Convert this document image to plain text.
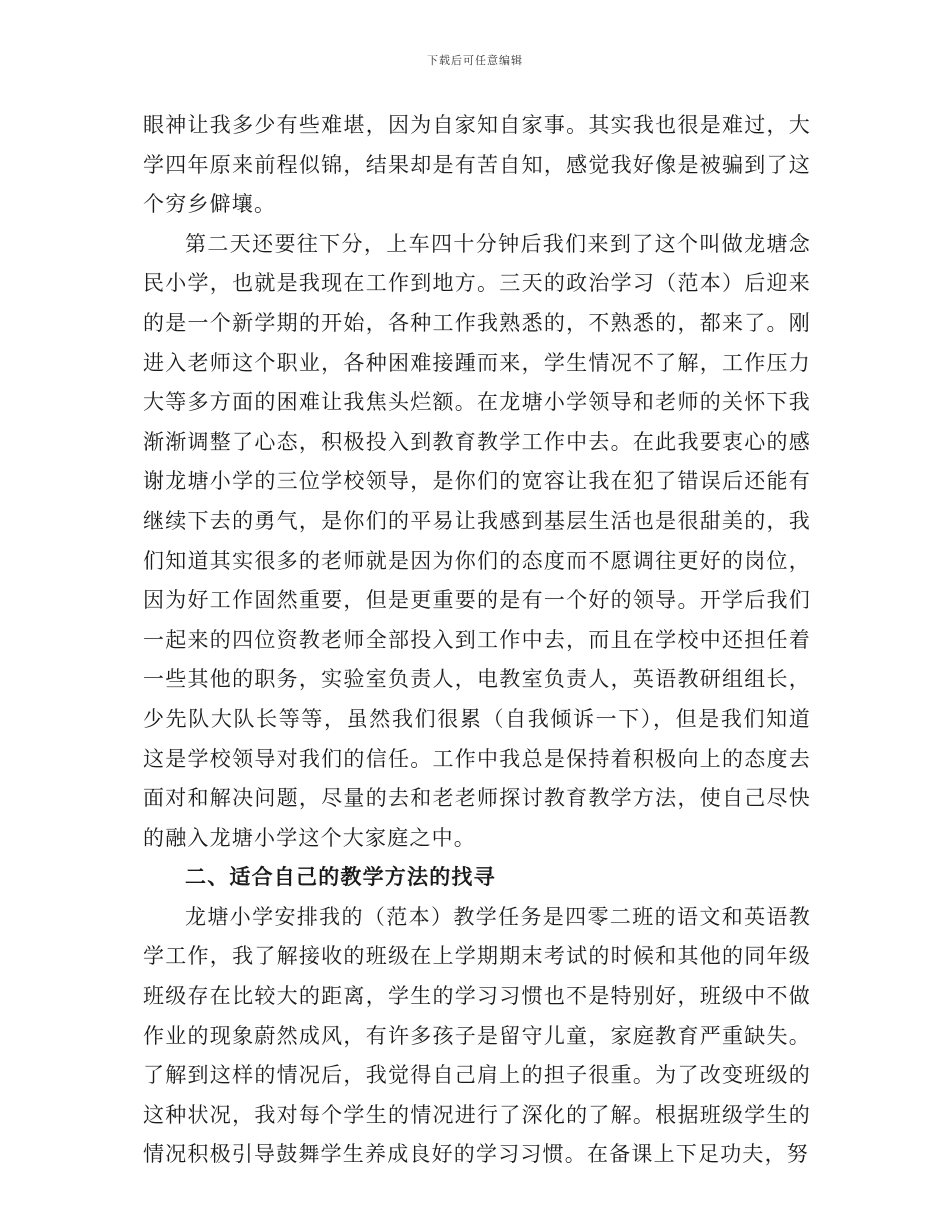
下载后可任意编辑

眼神让我多少有些难堪，因为自家知自家事。其实我也很是难过，大学四年原来前程似锦，结果却是有苦自知，感觉我好像是被骗到了这个穷乡僻壤。

第二天还要往下分，上车四十分钟后我们来到了这个叫做龙塘念民小学，也就是我现在工作到地方。三天的政治学习（范本）后迎来的是一个新学期的开始，各种工作我熟悉的，不熟悉的，都来了。刚进入老师这个职业，各种困难接踵而来，学生情况不了解，工作压力大等多方面的困难让我焦头烂额。在龙塘小学领导和老师的关怀下我渐渐调整了心态，积极投入到教育教学工作中去。在此我要衷心的感谢龙塘小学的三位学校领导，是你们的宽容让我在犯了错误后还能有继续下去的勇气，是你们的平易让我感到基层生活也是很甜美的，我们知道其实很多的老师就是因为你们的态度而不愿调往更好的岗位，因为好工作固然重要，但是更重要的是有一个好的领导。开学后我们一起来的四位资教老师全部投入到工作中去，而且在学校中还担任着一些其他的职务，实验室负责人，电教室负责人，英语教研组组长，少先队大队长等等，虽然我们很累（自我倾诉一下），但是我们知道这是学校领导对我们的信任。工作中我总是保持着积极向上的态度去面对和解决问题，尽量的去和老老师探讨教育教学方法，使自己尽快的融入龙塘小学这个大家庭之中。

二、适合自己的教学方法的找寻

龙塘小学安排我的（范本）教学任务是四零二班的语文和英语教学工作，我了解接收的班级在上学期期末考试的时候和其他的同年级班级存在比较大的距离，学生的学习习惯也不是特别好，班级中不做作业的现象蔚然成风，有许多孩子是留守儿童，家庭教育严重缺失。了解到这样的情况后，我觉得自己肩上的担子很重。为了改变班级的这种状况，我对每个学生的情况进行了深化的了解。根据班级学生的情况积极引导鼓舞学生养成良好的学习习惯。在备课上下足功夫，努
